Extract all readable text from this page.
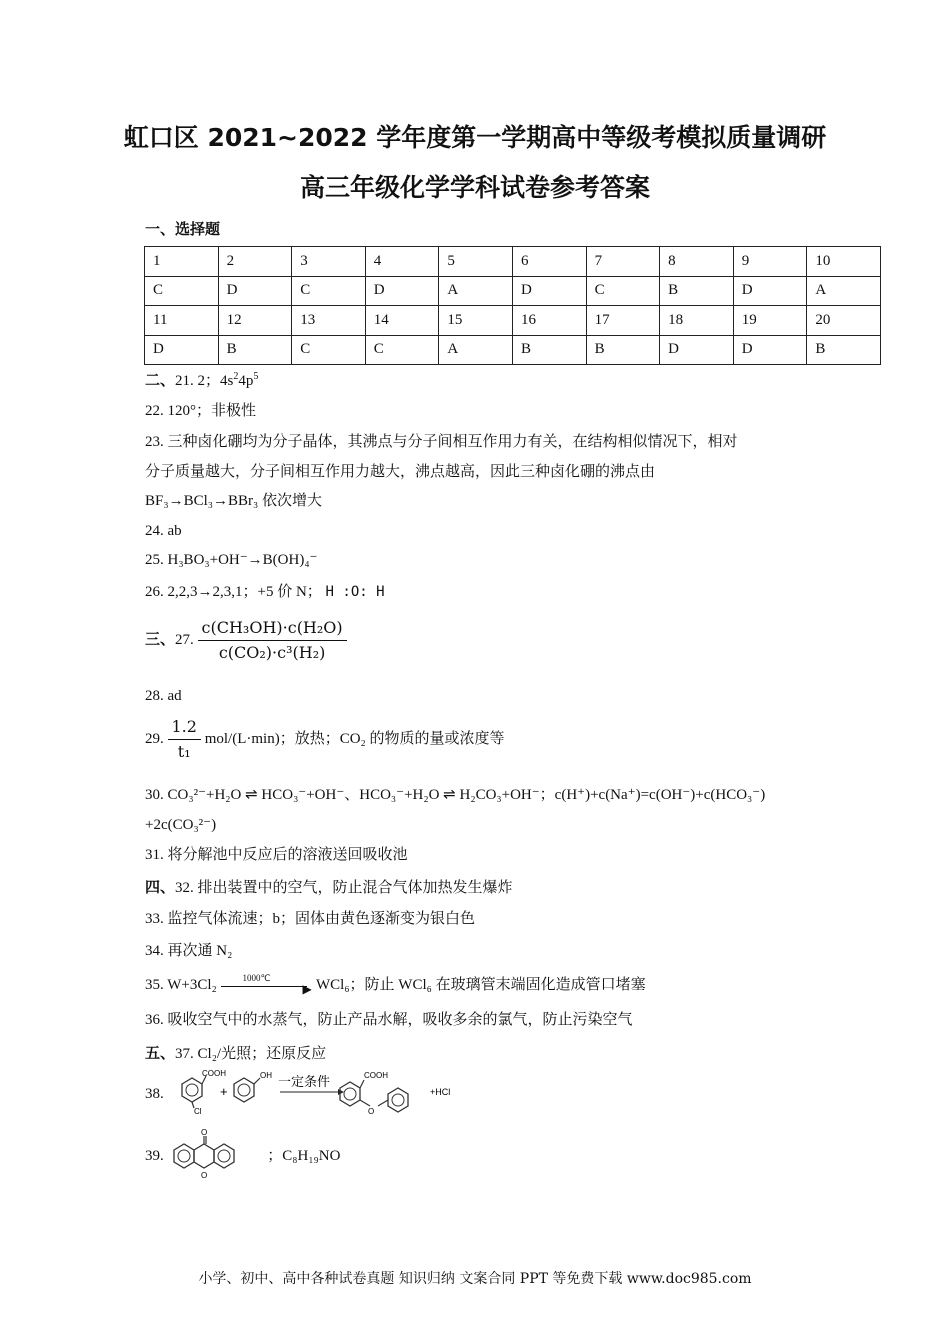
虹口区 2021~2022 学年度第一学期高中等级考模拟质量调研
高三年级化学学科试卷参考答案
一、选择题
1	2	3	4	5	6	7	8	9	10
C	D	C	D	A	D	C	B	D	A
11	12	13	14	15	16	17	18	19	20
D	B	C	C	A	B	B	D	D	B
二、21. 2；$4s^24p^5$
22. 120°；非极性
23. 三种卤化硼均为分子晶体，其沸点与分子间相互作用力有关，在结构相似情况下，相对
分子质量越大，分子间相互作用力越大，沸点越高，因此三种卤化硼的沸点由
BF₃→BCl₃→BBr₃ 依次增大
24. ab
25. H₃BO₃+OH⁻→B(OH)₄⁻
26. 2,2,3→2,3,1；+5 价 N； H :O: H
三、27. $\frac{\text{c(CH₃OH)·c(H₂O)}}{\text{c(CO₂)·c³(H₂)}}$
28. ad
29. $\frac{1.2}{\text{t₁}} mol/(L\cdot\min)$；放热；CO₂ 的物质的量或浓度等
30. CO₃²⁻+H₂O ⇌ HCO₃⁻+OH⁻、HCO₃⁻+H₂O ⇌ H₂CO₃+OH⁻；c(H⁺)+c(Na⁺)=c(OH⁻)+c(HCO₃⁻)
+2c(CO₃²⁻)
31. 将分解池中反应后的溶液送回吸收池
四、32. 排出装置中的空气，防止混合气体加热发生爆炸
33. 监控气体流速；b；固体由黄色逐渐变为银白色
34. 再次通 N₂
35. W+3Cl₂	1000℃
▶ WCl₆；防止 WCl₆ 在玻璃管末端固化造成管口堵塞
36. 吸收空气中的水蒸气，防止产品水解，吸收多余的氯气，防止污染空气
五、37. Cl₂/光照；还原反应
38.
COOH
Cl
+
OH 一定条件	COOH
O
+HCl
39.	；C₈H₁₉NO
O
O
小学、初中、高中各种试卷真题 知识归纳 文案合同 PPT 等免费下载 www.doc985.com
